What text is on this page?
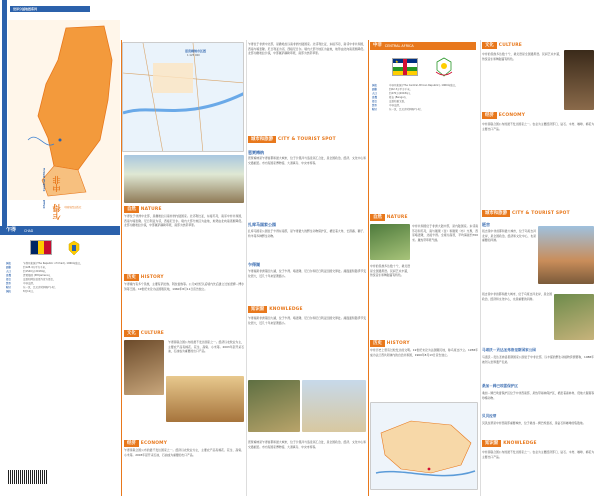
世界分国地图系列
中非
Central Africa
乍得
Chad	中国地图出版社
乍得 CHAD
国名	乍得共和国 (The Republic of Chad), 1960年独立。
面积	约128.4万平方千米。
人口	约1540万(2018年)。
首都	恩贾梅纳 (N'Djamena)。
语言	法语和阿拉伯语为官方语言。
货币	中非法郎。
时区	东一区，比北京时间晚7小时。
国庆	8月11日。
恩贾梅纳市区图
1:125 000
自然	NATURE
乍得位于非洲中北部，是撒哈拉以南非洲内陆国家。北邻利比亚，东接苏丹，南邻中非共和国，西南与喀麦隆、尼日利亚为邻，西接尼日尔。境内大部分地区为盆地，地势由北向南逐渐降低。北部为撒哈拉沙漠，中部属萨赫勒草原，南部为热带草原。
历史	HISTORY
乍得境内有多个民族，主要有萨拉族、阿拉伯族等。公元9世纪以后境内先后建立过加涅姆－博尔努等王国。19世纪末沦为法国殖民地，1960年8月11日宣告独立。
文化	CULTURE
乍得是联合国公布的最不发达国家之一。经济以农牧业为主，主要农产品有棉花、花生、高粱、小米等。2003年起开采石油，石油成为重要的出口产品。
经济	ECONOMY
乍得是联合国公布的最不发达国家之一。经济以农牧业为主，主要农产品有棉花、花生、高粱、小米等。2003年起开采石油，石油成为重要的出口产品。
乍得位于非洲中北部，是撒哈拉以南非洲内陆国家。北邻利比亚，东接苏丹，南邻中非共和国，西南与喀麦隆、尼日利亚为邻，西接尼日尔。境内大部分地区为盆地，地势由北向南逐渐降低。北部为撒哈拉沙漠，中部属萨赫勒草原，南部为热带草原。
城市和旅游	CITY & TOURIST SPOT
恩贾梅纳
恩贾梅纳是乍得首都和最大城市，位于沙里河与洛贡河汇合处，是全国政治、经济、文化中心和交通枢纽。市内有国家博物馆、大清真寺、中央市场等。
扎库马国家公园
扎库马国家公园位于乍得东南部，是乍得最大的野生动物保护区，栖息着大象、长颈鹿、狮子、羚羊等多种野生动物。
乍得湖
乍得湖是非洲第四大湖，位于乍得、喀麦隆、尼日尔和尼日利亚四国交界处。湖面面积随季节变化很大，近几十年来显著缩小。
知识窗	KNOWLEDGE
乍得湖是非洲第四大湖，位于乍得、喀麦隆、尼日尔和尼日利亚四国交界处。湖面面积随季节变化很大，近几十年来显著缩小。
恩贾梅纳是乍得首都和最大城市，位于沙里河与洛贡河汇合处，是全国政治、经济、文化中心和交通枢纽。市内有国家博物馆、大清真寺、中央市场等。
中非 CENTRAL AFRICA
★
国名	中非共和国 (The Central African Republic), 1960年独立。
面积	约62.3万平方千米。
人口	约470万(2018年)。
首都	班吉 (Bangui)。
语言	法语和桑戈语。
货币	中非法郎。
时区	东一区，比北京时间晚7小时。
自然	NATURE
中非共和国位于非洲大陆中部，是内陆国家。东邻南苏丹和苏丹，南与刚果（金）和刚果（布）交界，西邻喀麦隆，北接乍得。全境为高原，平均海拔约700米。属热带草原气候。
中非的民族多达数十个，桑戈语是全国通用语。民间艺术丰富，传统音乐和舞蹈富有特色。
历史	HISTORY
中非历史上曾有过较发达的文明。19世纪末沦为法国殖民地，称乌班吉沙立。1958年成为法兰西共同体内的自治共和国，1960年8月13日宣告独立。
文化	CULTURE
中非的民族多达数十个，桑戈语是全国通用语。民间艺术丰富，传统音乐和舞蹈富有特色。
经济	ECONOMY
中非是联合国公布的最不发达国家之一。农业为主要经济部门，钻石、木材、咖啡、棉花为主要出口产品。
城市和旅游	CITY & TOURIST SPOT
班吉
班吉是中非首都和最大城市，位于乌班吉河北岸，是全国政治、经济和文化中心，也是重要的河港。
班吉是中非首都和最大城市，位于乌班吉河北岸，是全国政治、经济和文化中心，也是重要的河港。
马诺沃－贡达圣弗洛里斯国家公园
马诺沃－贡达圣弗洛里斯国家公园位于中非北部，以丰富的野生动植物资源著称，1988年被列入世界遗产名录。
桑加－姆巴埃雷保护区
桑加－姆巴埃雷保护区位于中非西南部，是热带雨林保护区，栖息着森林象、低地大猩猩等珍稀动物。
贝贝拉蒂
贝贝拉蒂是中非西南部重要城市，位于桑加－姆巴埃雷省，是钻石和咖啡的集散地。
知识窗	KNOWLEDGE
中非是联合国公布的最不发达国家之一。农业为主要经济部门，钻石、木材、咖啡、棉花为主要出口产品。
